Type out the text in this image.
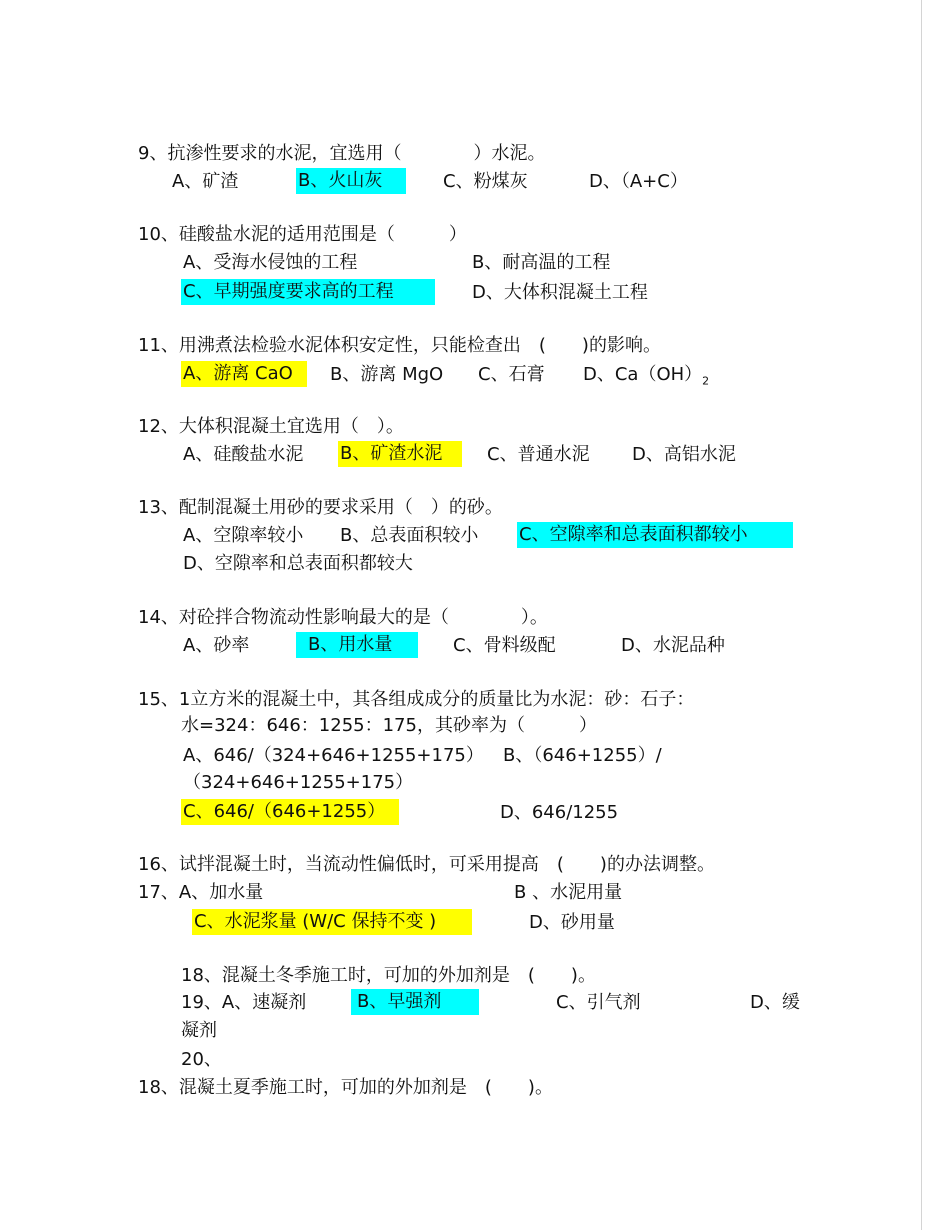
9、抗渗性要求的水泥，宜选用（　　　　）水泥。
A、矿渣	B、火山灰	C、粉煤灰	D、（A+C）
10、硅酸盐水泥的适用范围是（　　　）
A、受海水侵蚀的工程	B、耐高温的工程
C、早期强度要求高的工程	D、大体积混凝土工程
11、用沸煮法检验水泥体积安定性，只能检查出　(　　)的影响。
A、游离 CaO	B、游离 MgO C、石膏 D、$Ca(OH)_2$
12、大体积混凝土宜选用（　）。
A、硅酸盐水泥 B、矿渣水泥	C、普通水泥 D、高铝水泥
13、配制混凝土用砂的要求采用（　）的砂。
A、空隙率较小 B、总表面积较小 C、空隙率和总表面积都较小
D、空隙率和总表面积都较大
14、对砼拌合物流动性影响最大的是（　　　　）。
A、砂率	B、用水量	C、骨料级配	D、水泥品种
15、1立方米的混凝土中，其各组成成分的质量比为水泥：砂：石子：
水=324：646：1255：175，其砂率为（　　　）
A、646/（324+646+1255+175） B、（646+1255）/
（324+646+1255+175）
C、646/（646+1255）	D、646/1255
16、试拌混凝土时，当流动性偏低时，可采用提高　(　　)的办法调整。
17、A、加水量	B 、水泥用量
C、水泥浆量 (W/C 保持不变 )	D、砂用量
18、混凝土冬季施工时，可加的外加剂是　(　　)。
19、A、速凝剂	B、早强剂	C、引气剂	D、缓
凝剂
20、
18、混凝土夏季施工时，可加的外加剂是　(　　)。
